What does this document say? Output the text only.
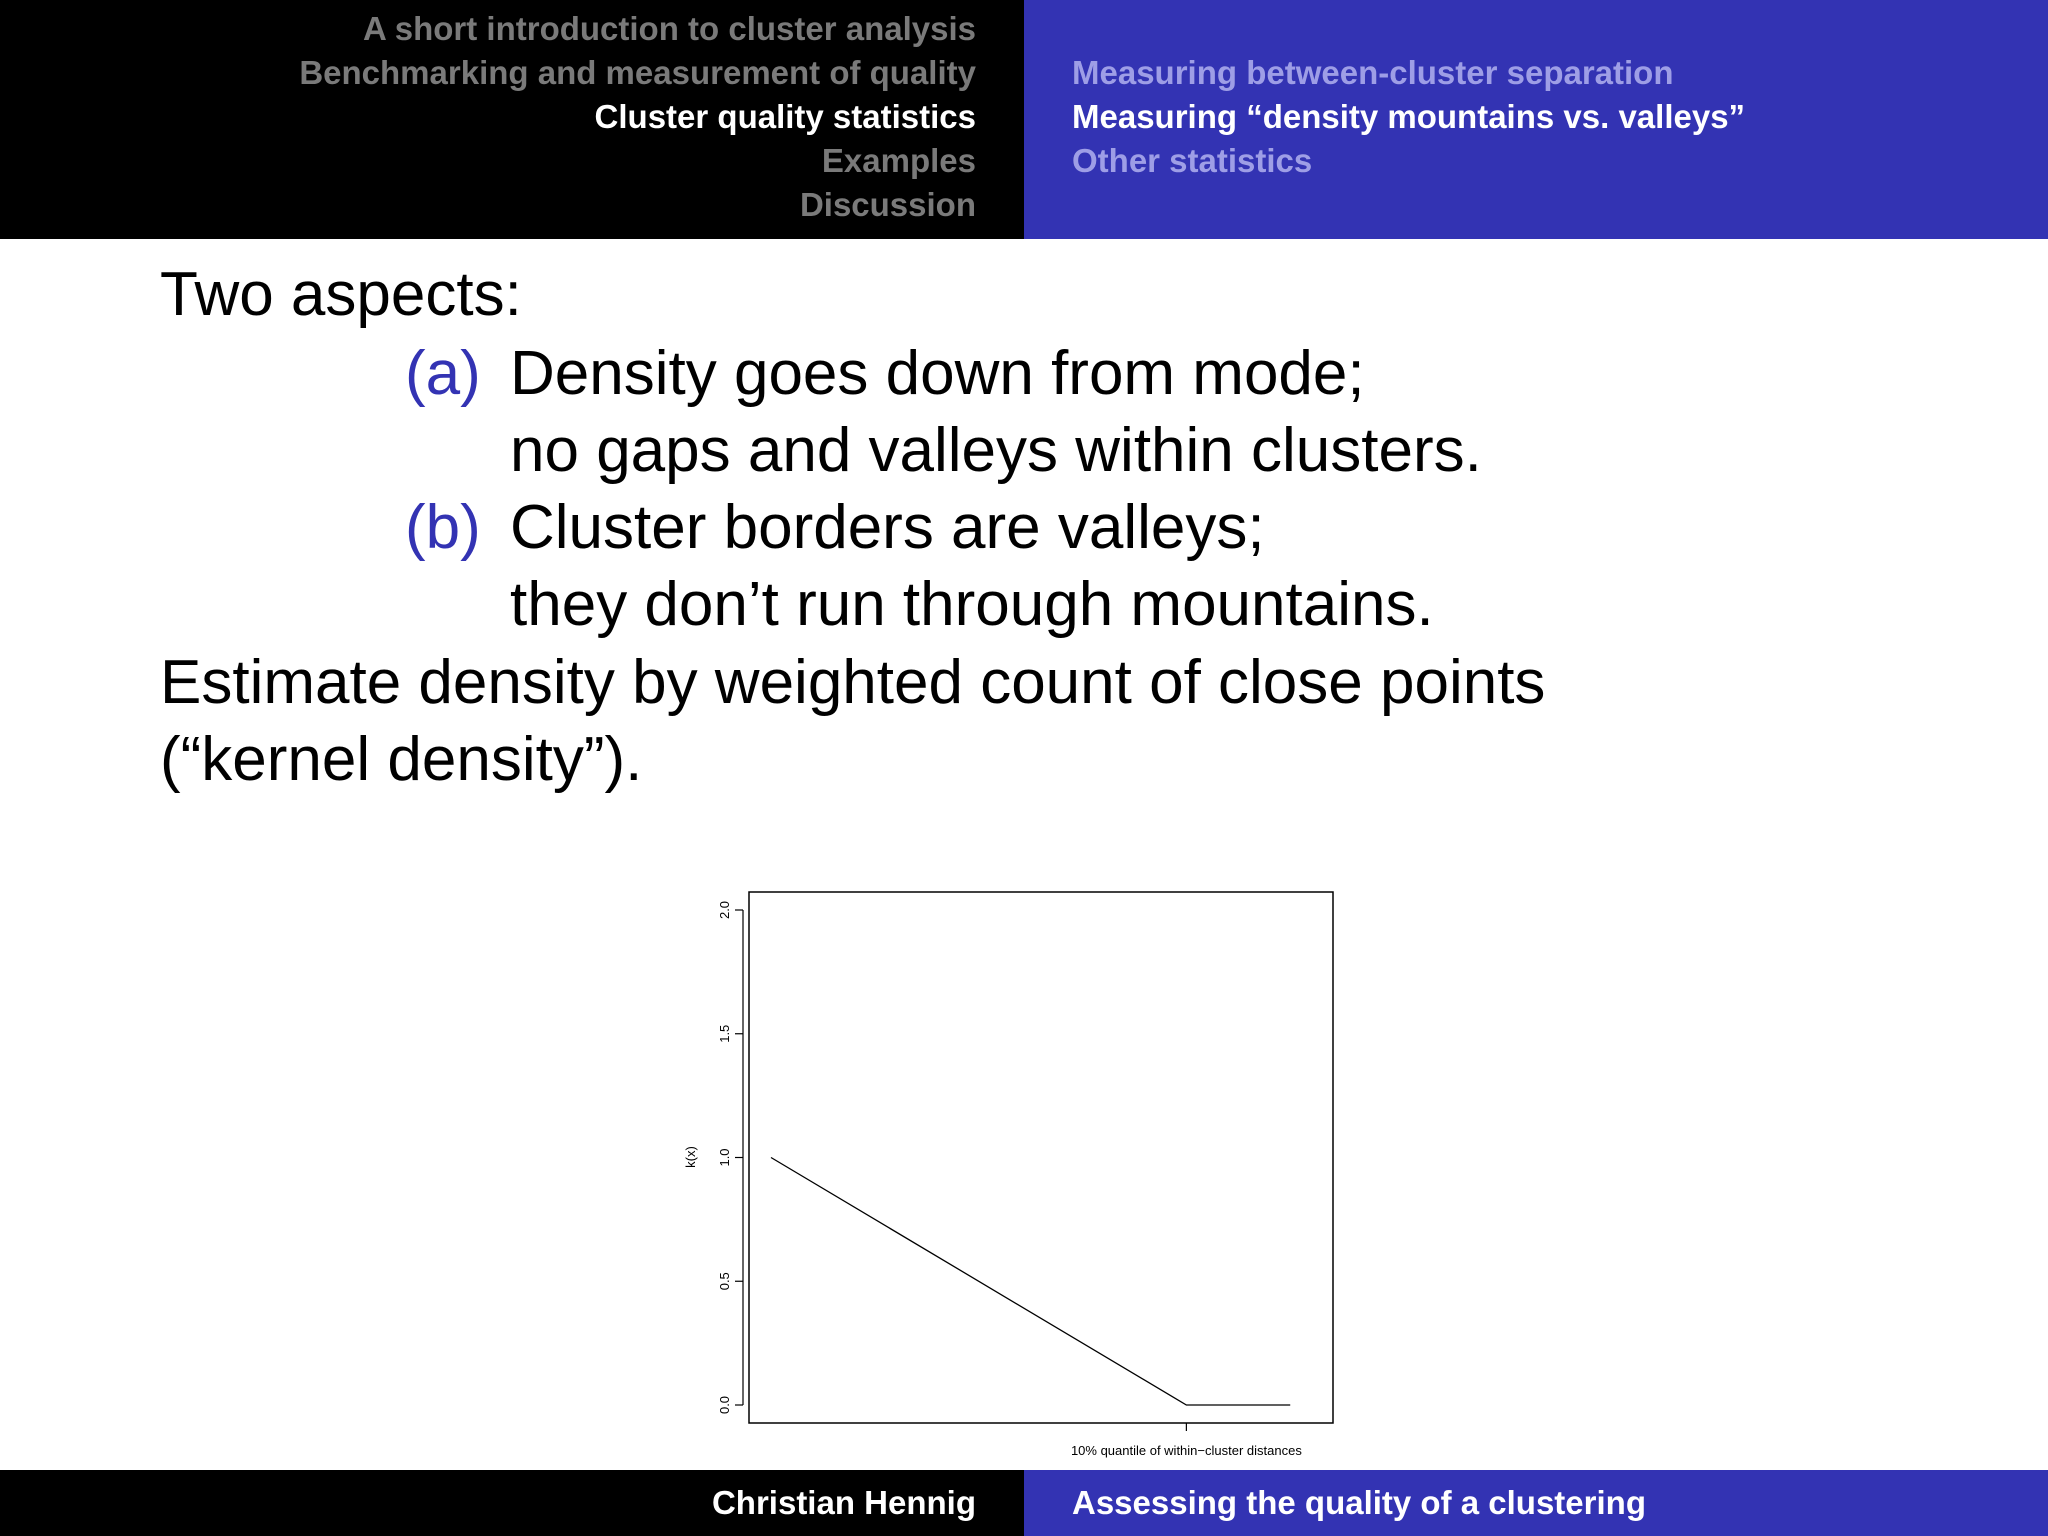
A short introduction to cluster analysis
Benchmarking and measurement of quality
Cluster quality statistics
Examples
Discussion
Measuring between-cluster separation
Measuring “density mountains vs. valleys”
Other statistics
Two aspects:
(a) Density goes down from mode;
no gaps and valleys within clusters.
(b) Cluster borders are valleys;
they don’t run through mountains.
Estimate density by weighted count of close points
(“kernel density”).
0.0
0.5
1.0
1.5
2.0
10% quantile of within−cluster distances
k(x)
Christian Hennig	Assessing the quality of a clustering
